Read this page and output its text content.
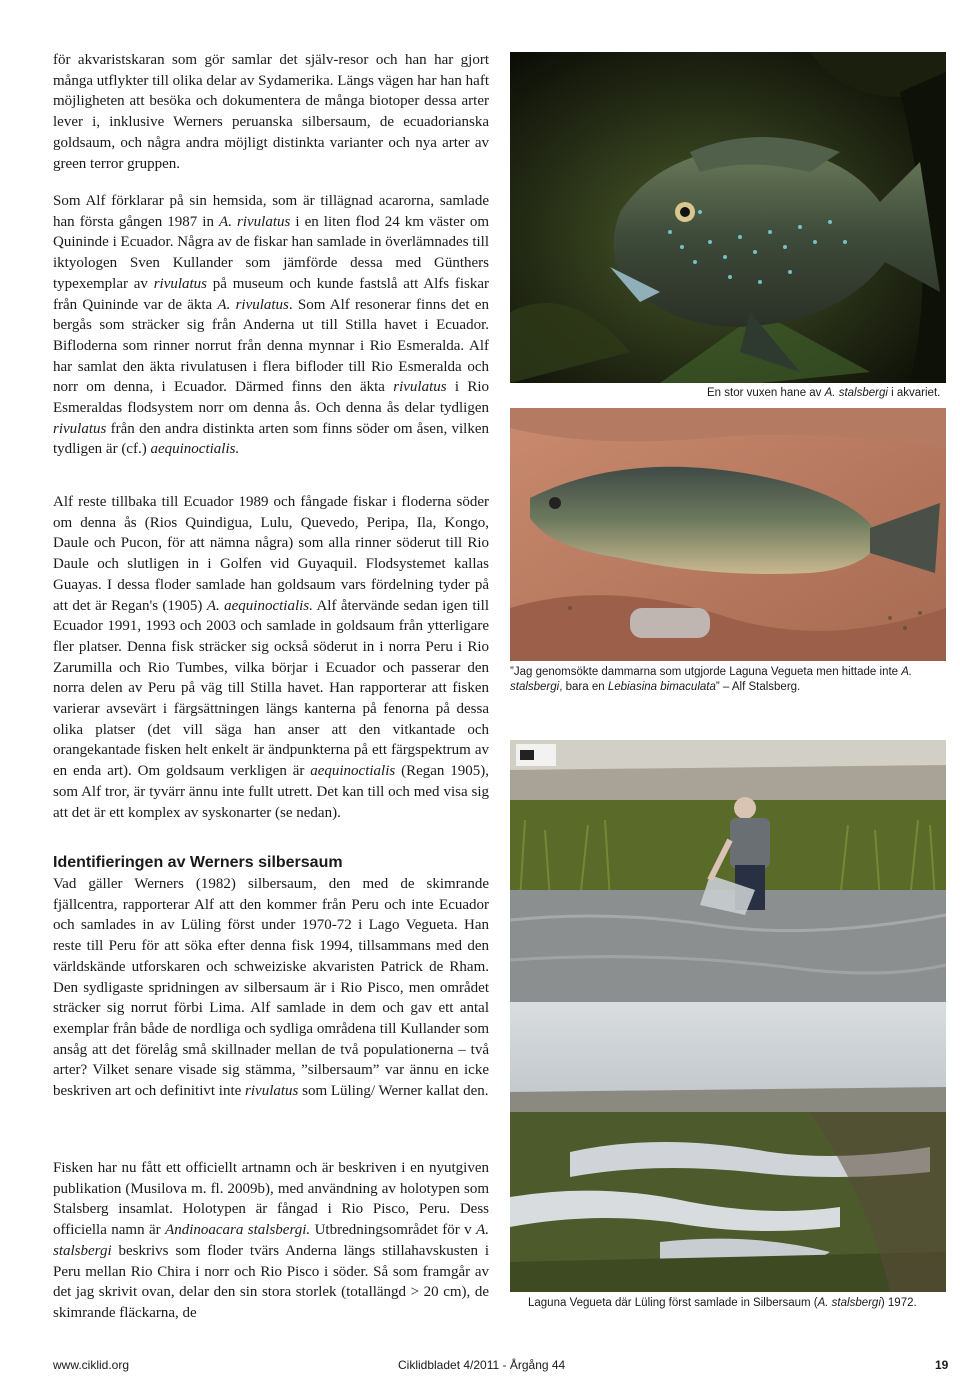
för akvaristskaran som gör samlar det själv-resor och han har gjort många utflykter till olika delar av Sydamerika. Längs vägen har han haft möjligheten att besöka och dokumentera de många biotoper dessa arter lever i, inklusive Werners peruanska silbersaum, de ecuadorianska goldsaum, och några andra möjligt distinkta varianter och nya arter av green terror gruppen.

Som Alf förklarar på sin hemsida, som är tillägnad acarorna, samlade han första gången 1987 in A. rivulatus i en liten flod 24 km väster om Quininde i Ecuador. Några av de fiskar han samlade in överlämnades till iktyologen Sven Kullander som jämförde dessa med Günthers typexemplar av rivulatus på museum och kunde fastslå att Alfs fiskar från Quininde var de äkta A. rivulatus. Som Alf resonerar finns det en bergås som sträcker sig från Anderna ut till Stilla havet i Ecuador. Bifloderna som rinner norrut från denna mynnar i Rio Esmeralda. Alf har samlat den äkta rivulatusen i flera bifloder till Rio Esmeralda och norr om denna, i Ecuador. Därmed finns den äkta rivulatus i Rio Esmeraldas flodsystem norr om denna ås. Och denna ås delar tydligen rivulatus från den andra distinkta arten som finns söder om åsen, vilken tydligen är (cf.) aequinoctialis.

Alf reste tillbaka till Ecuador 1989 och fångade fiskar i floderna söder om denna ås (Rios Quindigua, Lulu, Quevedo, Peripa, Ila, Kongo, Daule och Pucon, för att nämna några) som alla rinner söderut till Rio Daule och slutligen in i Golfen vid Guyaquil. Flodsystemet kallas Guayas. I dessa floder samlade han goldsaum vars fördelning tyder på att det är Regan's (1905) A. aequinoctialis. Alf återvände sedan igen till Ecuador 1991, 1993 och 2003 och samlade in goldsaum från ytterligare fler platser. Denna fisk sträcker sig också söderut in i norra Peru i Rio Zarumilla och Rio Tumbes, vilka börjar i Ecuador och passerar den norra delen av Peru på väg till Stilla havet. Han rapporterar att fisken varierar avsevärt i färgsättningen längs kanterna på fenorna på dessa olika platser (det vill säga han anser att den vitkantade och orangekantade fisken helt enkelt är ändpunkterna på ett färgspektrum av en enda art). Om goldsaum verkligen är aequinoctialis (Regan 1905), som Alf tror, är tyvärr ännu inte fullt utrett. Det kan till och med visa sig att det är ett komplex av syskonarter (se nedan).

Identifieringen av Werners silbersaum

Vad gäller Werners (1982) silbersaum, den med de skimrande fjällcentra, rapporterar Alf att den kommer från Peru och inte Ecuador och samlades in av Lüling först under 1970-72 i Lago Vegueta. Han reste till Peru för att söka efter denna fisk 1994, tillsammans med den världskände utforskaren och schweiziske akvaristen Patrick de Rham. Den sydligaste spridningen av silbersaum är i Rio Pisco, men området sträcker sig norrut förbi Lima. Alf samlade in dem och gav ett antal exemplar från både de nordliga och sydliga områdena till Kullander som ansåg att det förelåg små skillnader mellan de två populationerna – två arter? Vilket senare visade sig stämma, ”silbersaum” var ännu en icke beskriven art och definitivt inte rivulatus som Lüling/ Werner kallat den.

Fisken har nu fått ett officiellt artnamn och är beskriven i en nyutgiven publikation (Musilova m. fl. 2009b), med användning av holotypen som Stalsberg insamlat. Holotypen är fångad i Rio Pisco, Peru. Dess officiella namn är Andinoacara stalsbergi. Utbredningsområdet för v A. stalsbergi beskrivs som floder tvärs Anderna längs stillahavskusten i Peru mellan Rio Chira i norr och Rio Pisco i söder. Så som framgår av det jag skrivit ovan, delar den sin stora storlek (totallängd > 20 cm), de skimrande fläckarna, de

En stor vuxen hane av A. stalsbergi i akvariet.
”Jag genomsökte dammarna som utgjorde Laguna Vegueta men hittade inte A. stalsbergi, bara en Lebiasina bimaculata” – Alf Stalsberg.
Laguna Vegueta där Lüling först samlade in Silbersaum (A. stalsbergi) 1972.
www.ciklid.org	Ciklidbladet 4/2011 - Årgång 44	19
